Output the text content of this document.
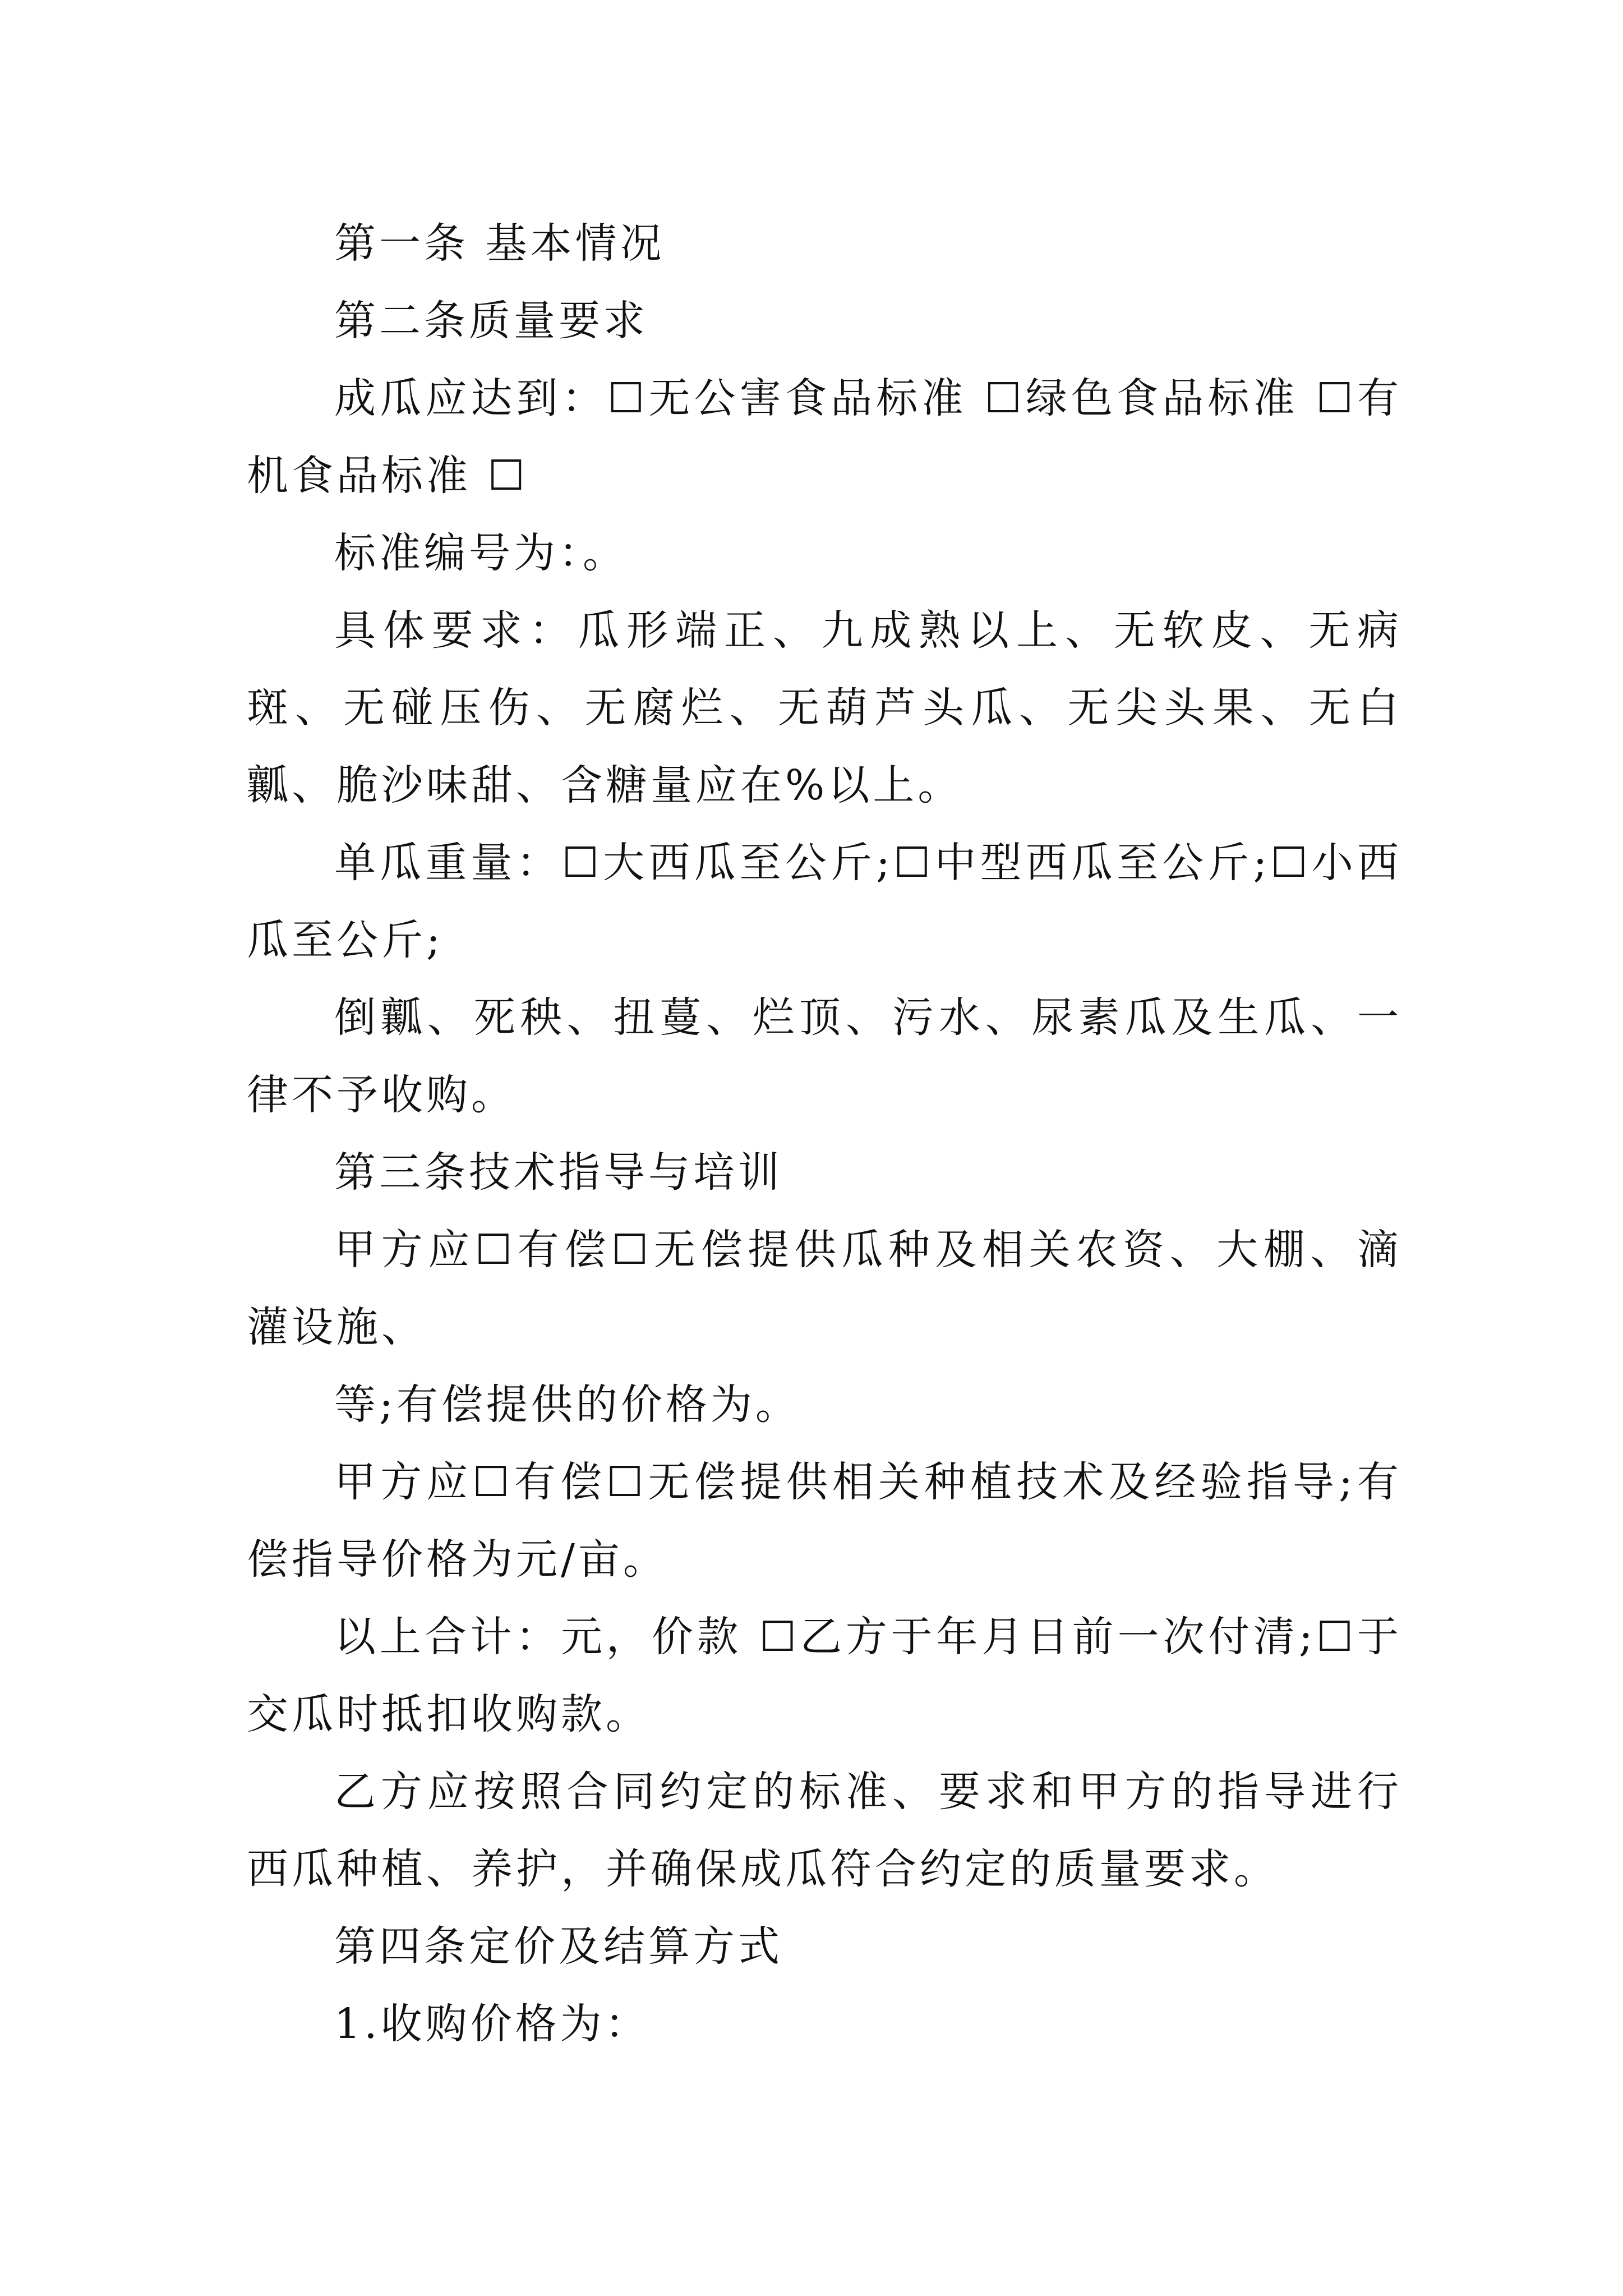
第一条 基本情况

第二条质量要求

成瓜应达到：☐无公害食品标准 ☐绿色食品标准 ☐有机食品标准 ☐

标准编号为：。

具体要求：瓜形端正、九成熟以上、无软皮、无病斑、无碰压伤、无腐烂、无葫芦头瓜、无尖头果、无白瓤、脆沙味甜、含糖量应在%以上。

单瓜重量：☐大西瓜至公斤;☐中型西瓜至公斤;☐小西瓜至公斤;

倒瓤、死秧、扭蔓、烂顶、污水、尿素瓜及生瓜、一律不予收购。

第三条技术指导与培训

甲方应☐有偿☐无偿提供瓜种及相关农资、大棚、滴灌设施、

等;有偿提供的价格为。

甲方应☐有偿☐无偿提供相关种植技术及经验指导;有偿指导价格为元/亩。

以上合计：元，价款 ☐乙方于年月日前一次付清;☐于交瓜时抵扣收购款。

乙方应按照合同约定的标准、要求和甲方的指导进行西瓜种植、养护，并确保成瓜符合约定的质量要求。

第四条定价及结算方式

1.收购价格为：
